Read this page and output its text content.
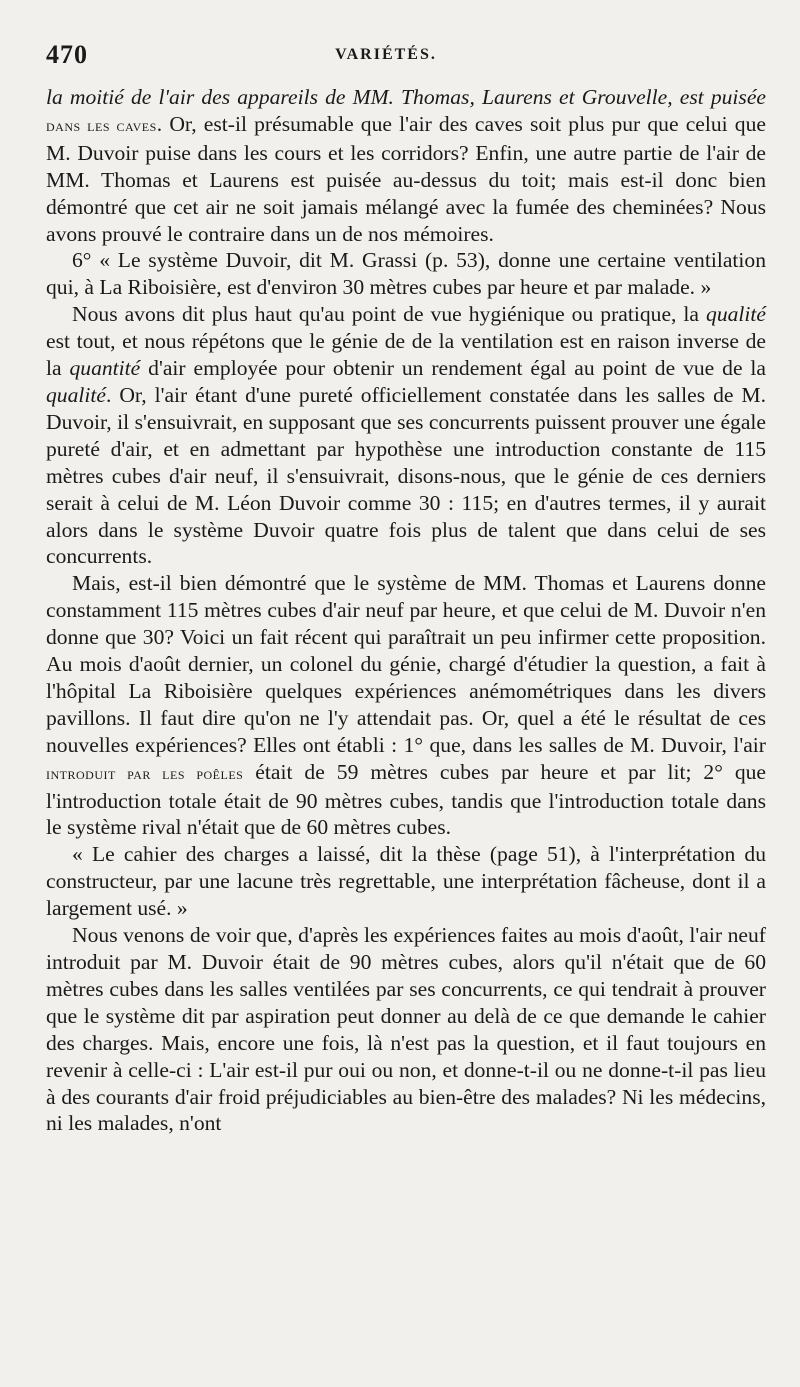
470	VARIÉTÉS.

la moitié de l'air des appareils de MM. Thomas, Laurens et Grouvelle, est puisée dans les caves. Or, est-il présumable que l'air des caves soit plus pur que celui que M. Duvoir puise dans les cours et les corridors? Enfin, une autre partie de l'air de MM. Thomas et Laurens est puisée au-dessus du toit; mais est-il donc bien démontré que cet air ne soit jamais mélangé avec la fumée des cheminées? Nous avons prouvé le contraire dans un de nos mémoires.

6° « Le système Duvoir, dit M. Grassi (p. 53), donne une certaine ventilation qui, à La Riboisière, est d'environ 30 mètres cubes par heure et par malade. »

Nous avons dit plus haut qu'au point de vue hygiénique ou pratique, la qualité est tout, et nous répétons que le génie de de la ventilation est en raison inverse de la quantité d'air employée pour obtenir un rendement égal au point de vue de la qualité. Or, l'air étant d'une pureté officiellement constatée dans les salles de M. Duvoir, il s'ensuivrait, en supposant que ses concurrents puissent prouver une égale pureté d'air, et en admettant par hypothèse une introduction constante de 115 mètres cubes d'air neuf, il s'ensuivrait, disons-nous, que le génie de ces derniers serait à celui de M. Léon Duvoir comme 30 : 115; en d'autres termes, il y aurait alors dans le système Duvoir quatre fois plus de talent que dans celui de ses concurrents.

Mais, est-il bien démontré que le système de MM. Thomas et Laurens donne constamment 115 mètres cubes d'air neuf par heure, et que celui de M. Duvoir n'en donne que 30? Voici un fait récent qui paraîtrait un peu infirmer cette proposition. Au mois d'août dernier, un colonel du génie, chargé d'étudier la question, a fait à l'hôpital La Riboisière quelques expériences anémométriques dans les divers pavillons. Il faut dire qu'on ne l'y attendait pas. Or, quel a été le résultat de ces nouvelles expériences? Elles ont établi : 1° que, dans les salles de M. Duvoir, l'air introduit par les poêles était de 59 mètres cubes par heure et par lit; 2° que l'introduction totale était de 90 mètres cubes, tandis que l'introduction totale dans le système rival n'était que de 60 mètres cubes.

« Le cahier des charges a laissé, dit la thèse (page 51), à l'interprétation du constructeur, par une lacune très regrettable, une interprétation fâcheuse, dont il a largement usé. »

Nous venons de voir que, d'après les expériences faites au mois d'août, l'air neuf introduit par M. Duvoir était de 90 mètres cubes, alors qu'il n'était que de 60 mètres cubes dans les salles ventilées par ses concurrents, ce qui tendrait à prouver que le système dit par aspiration peut donner au delà de ce que demande le cahier des charges. Mais, encore une fois, là n'est pas la question, et il faut toujours en revenir à celle-ci : L'air est-il pur oui ou non, et donne-t-il ou ne donne-t-il pas lieu à des courants d'air froid préjudiciables au bien-être des malades? Ni les médecins, ni les malades, n'ont
